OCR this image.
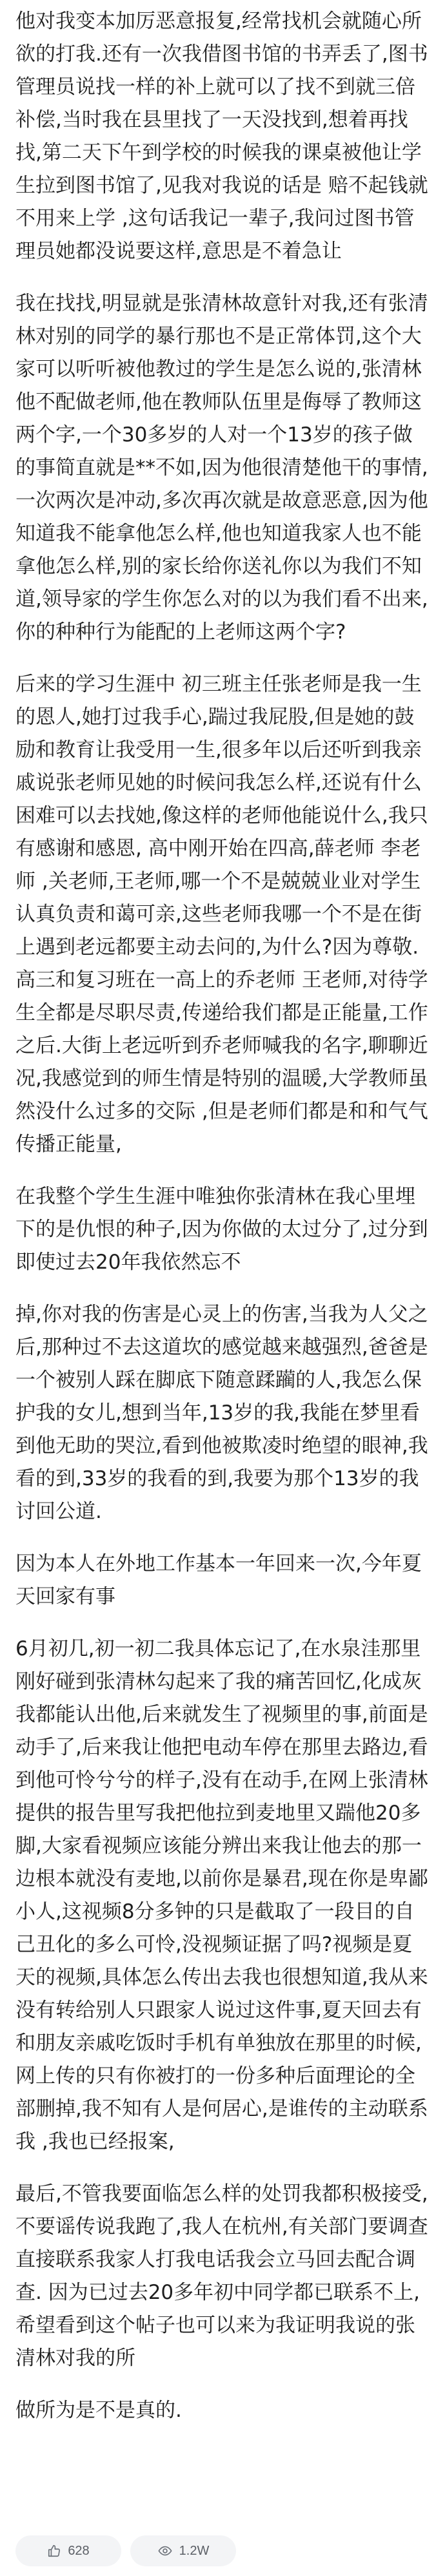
他对我变本加厉恶意报复,经常找机会就随心所欲的打我.还有一次我借图书馆的书弄丢了,图书管理员说找一样的补上就可以了找不到就三倍补偿,当时我在县里找了一天没找到,想着再找找,第二天下午到学校的时候我的课桌被他让学生拉到图书馆了,见我对我说的话是 赔不起钱就不用来上学 ,这句话我记一辈子,我问过图书管理员她都没说要这样,意思是不着急让

我在找找,明显就是张清林故意针对我,还有张清林对别的同学的暴行那也不是正常体罚,这个大家可以听听被他教过的学生是怎么说的,张清林他不配做老师,他在教师队伍里是侮辱了教师这两个字,一个30多岁的人对一个13岁的孩子做的事简直就是**不如,因为他很清楚他干的事情,一次两次是冲动,多次再次就是故意恶意,因为他知道我不能拿他怎么样,他也知道我家人也不能拿他怎么样,别的家长给你送礼你以为我们不知道,领导家的学生你怎么对的以为我们看不出来,你的种种行为能配的上老师这两个字?

后来的学习生涯中 初三班主任张老师是我一生的恩人,她打过我手心,踹过我屁股,但是她的鼓励和教育让我受用一生,很多年以后还听到我亲戚说张老师见她的时候问我怎么样,还说有什么困难可以去找她,像这样的老师他能说什么,我只有感谢和感恩, 高中刚开始在四高,薛老师 李老师 ,关老师,王老师,哪一个不是兢兢业业对学生认真负责和蔼可亲,这些老师我哪一个不是在街上遇到老远都要主动去问的,为什么?因为尊敬. 高三和复习班在一高上的乔老师 王老师,对待学生全都是尽职尽责,传递给我们都是正能量,工作之后.大街上老远听到乔老师喊我的名字,聊聊近况,我感觉到的师生情是特别的温暖,大学教师虽然没什么过多的交际 ,但是老师们都是和和气气传播正能量,

在我整个学生生涯中唯独你张清林在我心里埋下的是仇恨的种子,因为你做的太过分了,过分到即使过去20年我依然忘不

掉,你对我的伤害是心灵上的伤害,当我为人父之后,那种过不去这道坎的感觉越来越强烈,爸爸是一个被别人踩在脚底下随意蹂躏的人,我怎么保护我的女儿,想到当年,13岁的我,我能在梦里看到他无助的哭泣,看到他被欺凌时绝望的眼神,我看的到,33岁的我看的到,我要为那个13岁的我讨回公道.

因为本人在外地工作基本一年回来一次,今年夏天回家有事

6月初几,初一初二我具体忘记了,在水泉洼那里刚好碰到张清林勾起来了我的痛苦回忆,化成灰我都能认出他,后来就发生了视频里的事,前面是动手了,后来我让他把电动车停在那里去路边,看到他可怜兮兮的样子,没有在动手,在网上张清林提供的报告里写我把他拉到麦地里又踹他20多脚,大家看视频应该能分辨出来我让他去的那一边根本就没有麦地,以前你是暴君,现在你是卑鄙小人,这视频8分多钟的只是截取了一段目的自己丑化的多么可怜,没视频证据了吗?视频是夏天的视频,具体怎么传出去我也很想知道,我从来没有转给别人只跟家人说过这件事,夏天回去有和朋友亲戚吃饭时手机有单独放在那里的时候,网上传的只有你被打的一份多种后面理论的全部删掉,我不知有人是何居心,是谁传的主动联系我 ,我也已经报案,

最后,不管我要面临怎么样的处罚我都积极接受,不要谣传说我跑了,我人在杭州,有关部门要调查直接联系我家人打我电话我会立马回去配合调查. 因为已过去20多年初中同学都已联系不上,希望看到这个帖子也可以来为我证明我说的张清林对我的所

做所为是不是真的.

628	1.2W
